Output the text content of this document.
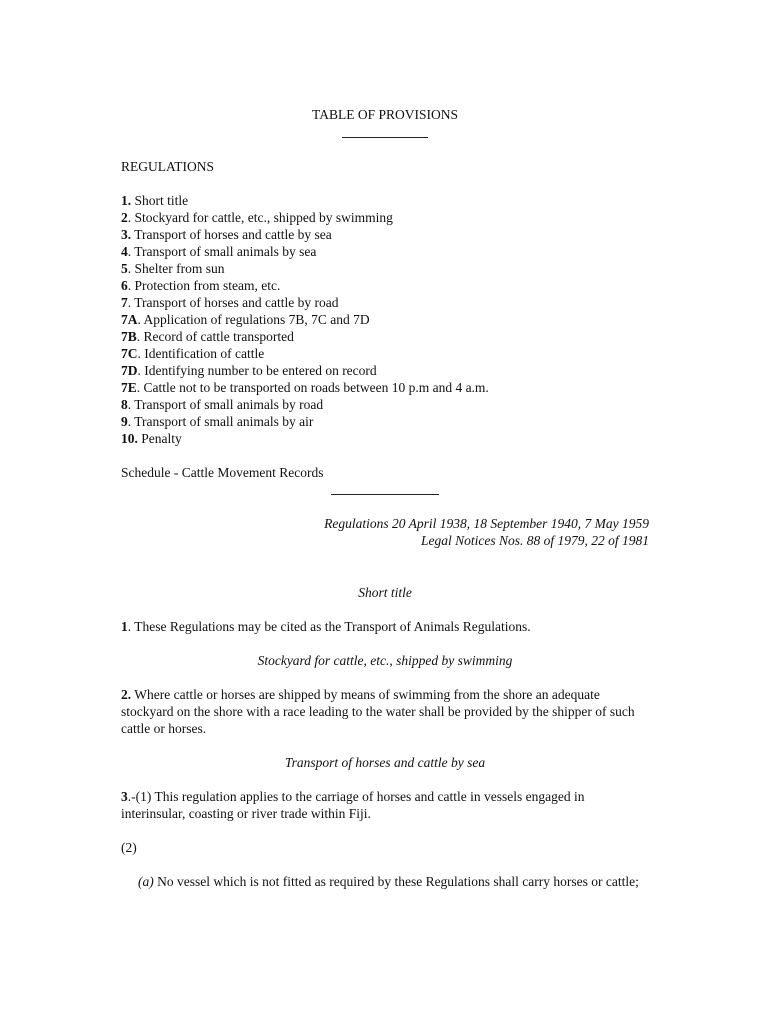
TABLE OF PROVISIONS
REGULATIONS
1. Short title
2. Stockyard for cattle, etc., shipped by swimming
3. Transport of horses and cattle by sea
4. Transport of small animals by sea
5. Shelter from sun
6. Protection from steam, etc.
7. Transport of horses and cattle by road
7A. Application of regulations 7B, 7C and 7D
7B. Record of cattle transported
7C. Identification of cattle
7D. Identifying number to be entered on record
7E. Cattle not to be transported on roads between 10 p.m and 4 a.m.
8. Transport of small animals by road
9. Transport of small animals by air
10. Penalty
Schedule - Cattle Movement Records
Regulations 20 April 1938, 18 September 1940, 7 May 1959
Legal Notices Nos. 88 of 1979, 22 of 1981
Short title
1. These Regulations may be cited as the Transport of Animals Regulations.
Stockyard for cattle, etc., shipped by swimming
2. Where cattle or horses are shipped by means of swimming from the shore an adequate stockyard on the shore with a race leading to the water shall be provided by the shipper of such cattle or horses.
Transport of horses and cattle by sea
3.-(1) This regulation applies to the carriage of horses and cattle in vessels engaged in interinsular, coasting or river trade within Fiji.
(2)
(a) No vessel which is not fitted as required by these Regulations shall carry horses or cattle;
